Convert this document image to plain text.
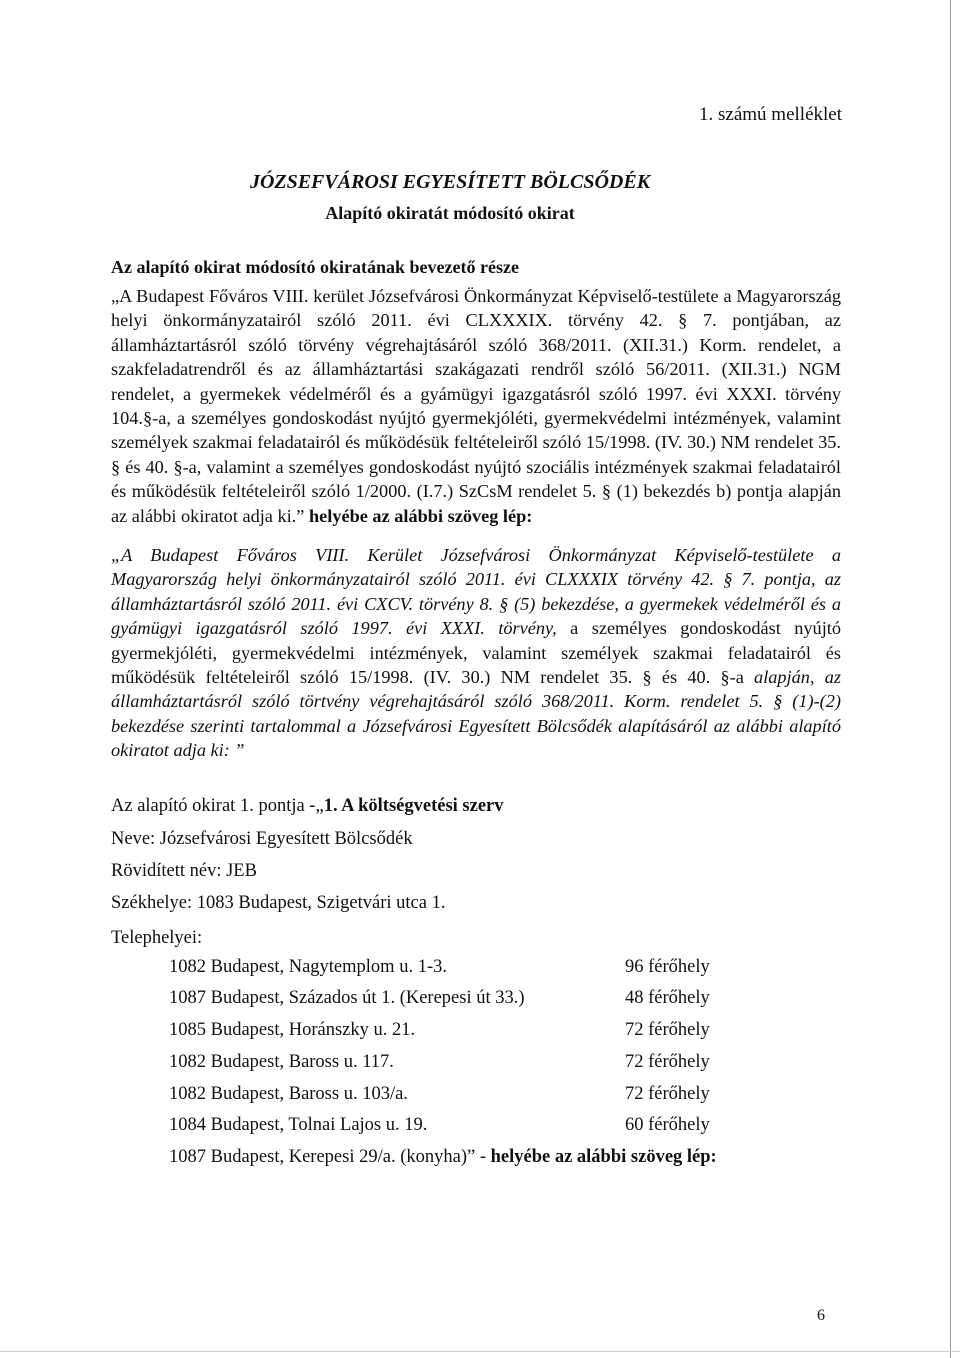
1. számú melléklet
JÓZSEFVÁROSI EGYESÍTETT BÖLCSŐDÉK
Alapító okiratát módosító okirat
Az alapító okirat módosító okiratának bevezető része
„A Budapest Főváros VIII. kerület Józsefvárosi Önkormányzat Képviselő-testülete a Magyarország helyi önkormányzatairól szóló 2011. évi CLXXXIX. törvény 42. § 7. pontjában, az államháztartásról szóló törvény végrehajtásáról szóló 368/2011. (XII.31.) Korm. rendelet, a szakfeladatrendről és az államháztartási szakágazati rendről szóló 56/2011. (XII.31.) NGM rendelet, a gyermekek védelméről és a gyámügyi igazgatásról szóló 1997. évi XXXI. törvény 104.§-a, a személyes gondoskodást nyújtó gyermekjóléti, gyermekvédelmi intézmények, valamint személyek szakmai feladatairól és működésük feltételeiről szóló 15/1998. (IV. 30.) NM rendelet 35. § és 40. §-a, valamint a személyes gondoskodást nyújtó szociális intézmények szakmai feladatairól és működésük feltételeiről szóló 1/2000. (I.7.) SzCsM rendelet 5. § (1) bekezdés b) pontja alapján az alábbi okiratot adja ki.” helyébe az alábbi szöveg lép:
„A Budapest Főváros VIII. Kerület Józsefvárosi Önkormányzat Képviselő-testülete a Magyarország helyi önkormányzatairól szóló 2011. évi CLXXXIX törvény 42. § 7. pontja, az államháztartásról szóló 2011. évi CXCV. törvény 8. § (5) bekezdése, a gyermekek védelméről és a gyámügyi igazgatásról szóló 1997. évi XXXI. törvény, a személyes gondoskodást nyújtó gyermekjóléti, gyermekvédelmi intézmények, valamint személyek szakmai feladatairól és működésük feltételeiről szóló 15/1998. (IV. 30.) NM rendelet 35. § és 40. §-a alapján, az államháztartásról szóló törtvény végrehajtásáról szóló 368/2011. Korm. rendelet 5. § (1)-(2) bekezdése szerinti tartalommal a Józsefvárosi Egyesített Bölcsődék alapításáról az alábbi alapító okiratot adja ki: ”
Az alapító okirat 1. pontja -„1. A költségvetési szerv
Neve: Józsefvárosi Egyesített Bölcsődék
Rövidített név: JEB
Székhelye: 1083 Budapest, Szigetvári utca 1.
Telephelyei:
1082 Budapest, Nagytemplom u. 1-3.	96 férőhely
1087 Budapest, Százados út 1. (Kerepesi út 33.)	48 férőhely
1085 Budapest, Horánszky u. 21.	72 férőhely
1082 Budapest, Baross u. 117.	72 férőhely
1082 Budapest, Baross u. 103/a.	72 férőhely
1084 Budapest, Tolnai Lajos u. 19.	60 férőhely
1087 Budapest, Kerepesi 29/a. (konyha)” - helyébe az alábbi szöveg lép:
6
